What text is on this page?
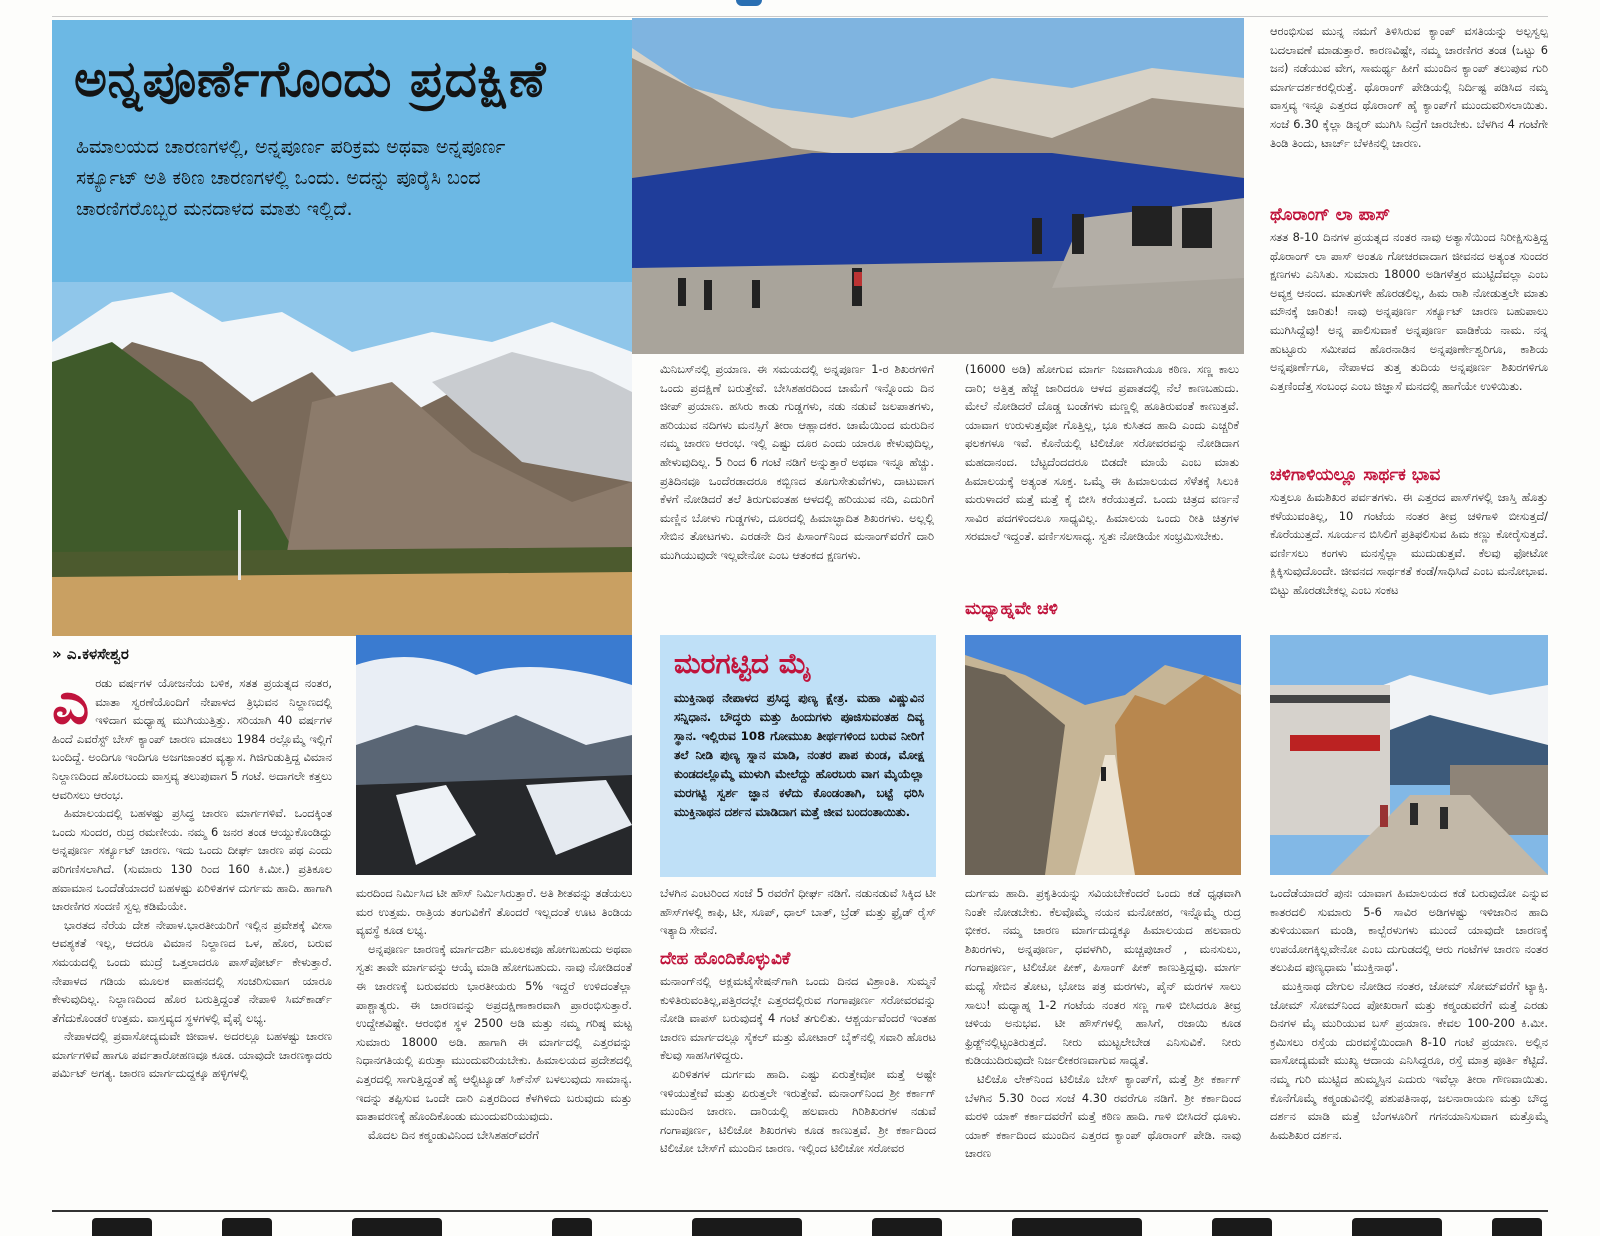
ಅನ್ನಪೂರ್ಣೆಗೊಂದು ಪ್ರದಕ್ಷಿಣೆ
ಹಿಮಾಲಯದ ಚಾರಣಗಳಲ್ಲಿ, ಅನ್ನಪೂರ್ಣ ಪರಿಕ್ರಮ ಅಥವಾ ಅನ್ನಪೂರ್ಣ ಸರ್ಕ್ಯೂಟ್ ಅತಿ ಕಠಿಣ ಚಾರಣಗಳಲ್ಲಿ ಒಂದು. ಅದನ್ನು ಪೂರೈಸಿ ಬಂದ ಚಾರಣಿಗರೊಬ್ಬರ ಮನದಾಳದ ಮಾತು ಇಲ್ಲಿದೆ.

ಮಿನಿಬಸ್‌ನಲ್ಲಿ ಪ್ರಯಾಣ. ಈ ಸಮಯದಲ್ಲಿ ಅನ್ನಪೂರ್ಣ 1-ರ ಶಿಖರಗಳಿಗೆ ಒಂದು ಪ್ರದಕ್ಷಿಣೆ ಬರುತ್ತೇವೆ. ಬೇಸಿಶಹರದಿಂದ ಚಾಮೆಗೆ ಇನ್ನೊಂದು ದಿನ ಜೀಪ್ ಪ್ರಯಾಣ. ಹಸಿರು ಕಾಡು ಗುಡ್ಡಗಳು, ನಡು ನಡುವೆ ಜಲಪಾತಗಳು, ಹರಿಯುವ ನದಿಗಳು ಮನಸ್ಸಿಗೆ ತೀರಾ ಆಹ್ಲಾದಕರ. ಚಾಮೆಯಿಂದ ಮರುದಿನ ನಮ್ಮ ಚಾರಣ ಆರಂಭ. ಇಲ್ಲಿ ಎಷ್ಟು ದೂರ ಎಂದು ಯಾರೂ ಕೇಳುವುದಿಲ್ಲ, ಹೇಳುವುದಿಲ್ಲ. 5 ರಿಂದ 6 ಗಂಟೆ ನಡಿಗೆ ಅನ್ನುತ್ತಾರೆ ಅಥವಾ ಇನ್ನೂ ಹೆಚ್ಚು. ಪ್ರತಿದಿನವೂ ಒಂದೆರಡಾದರೂ ಕಬ್ಬಿಣದ ತೂಗುಸೇತುವೆಗಳು, ದಾಟುವಾಗ ಕೆಳಗೆ ನೋಡಿದರೆ ತಲೆ ತಿರುಗುವಂತಹ ಆಳದಲ್ಲಿ ಹರಿಯುವ ನದಿ, ಎದುರಿಗೆ ಮಣ್ಣಿನ ಬೋಳು ಗುಡ್ಡಗಳು, ದೂರದಲ್ಲಿ ಹಿಮಾಚ್ಛಾದಿತ ಶಿಖರಗಳು. ಅಲ್ಲಲ್ಲಿ ಸೇಬಿನ ತೋಟಗಳು. ಎರಡನೇ ದಿನ ಪಿಸಾಂಗ್‌ನಿಂದ ಮನಾಂಗ್‌ವರೆಗೆ ದಾರಿ ಮುಗಿಯುವುದೇ ಇಲ್ಲವೇನೋ ಎಂಬ ಆತಂಕದ ಕ್ಷಣಗಳು.

(16000 ಅಡಿ) ಹೋಗುವ ಮಾರ್ಗ ನಿಜವಾಗಿಯೂ ಕಠಿಣ. ಸಣ್ಣ ಕಾಲು ದಾರಿ; ಅತ್ತಿತ್ತ ಹೆಜ್ಜೆ ಜಾರಿದರೂ ಆಳದ ಪ್ರಪಾತದಲ್ಲಿ ನೆಲೆ ಕಾಣಬಹುದು. ಮೇಲೆ ನೋಡಿದರೆ ದೊಡ್ಡ ಬಂಡೆಗಳು ಮಣ್ಣಲ್ಲಿ ಹೂತಿರುವಂತೆ ಕಾಣುತ್ತವೆ. ಯಾವಾಗ ಉರುಳುತ್ತವೋ ಗೊತ್ತಿಲ್ಲ, ಭೂ ಕುಸಿತದ ಹಾದಿ ಎಂದು ಎಚ್ಚರಿಕೆ ಫಲಕಗಳೂ ಇವೆ. ಕೊನೆಯಲ್ಲಿ ಟಿಲಿಚೋ ಸರೋವರವನ್ನು ನೋಡಿದಾಗ ಮಹದಾನಂದ. ಬೆಟ್ಟದೆಂದದರೂ ಬಿಡದೇ ಮಾಯೆ ಎಂಬ ಮಾತು ಹಿಮಾಲಯಕ್ಕೆ ಅತ್ಯಂತ ಸೂಕ್ತ. ಒಮ್ಮೆ ಈ ಹಿಮಾಲಯದ ಸೆಳೆತಕ್ಕೆ ಸಿಲುಕಿ ಮರುಳಾದರೆ ಮತ್ತೆ ಮತ್ತೆ ಕೈ ಬೀಸಿ ಕರೆಯುತ್ತದೆ. ಒಂದು ಚಿತ್ರದ ವರ್ಣನೆ ಸಾವಿರ ಪದಗಳಿಂದಲೂ ಸಾಧ್ಯವಿಲ್ಲ. ಹಿಮಾಲಯ ಒಂದು ರೀತಿ ಚಿತ್ರಗಳ ಸರಮಾಲೆ ಇದ್ದಂತೆ. ವರ್ಣಿಸಲಸಾಧ್ಯ. ಸ್ವತಃ ನೋಡಿಯೇ ಸಂಭ್ರಮಿಸಬೇಕು.

ಮಧ್ಯಾಹ್ನವೇ ಚಳಿ

ಆರಂಭಿಸುವ ಮುನ್ನ ನಮಗೆ ತಿಳಿಸಿರುವ ಕ್ಯಾಂಪ್ ವಸತಿಯನ್ನು ಅಲ್ಪಸ್ವಲ್ಪ ಬದಲಾವಣೆ ಮಾಡುತ್ತಾರೆ. ಕಾರಣವಿಷ್ಟೇ, ನಮ್ಮ ಚಾರಣಿಗರ ತಂಡ (ಒಟ್ಟು 6 ಜನ) ನಡೆಯುವ ವೇಗ, ಸಾಮರ್ಥ್ಯ ಹೀಗೆ ಮುಂದಿನ ಕ್ಯಾಂಪ್ ತಲುಪುವ ಗುರಿ ಮಾರ್ಗದರ್ಶಕರಲ್ಲಿರುತ್ತೆ. ಥೊರಾಂಗ್ ಪೇಡಿಯಲ್ಲಿ ನಿರ್ದಿಷ್ಟ ಪಡಿಸಿದ ನಮ್ಮ ವಾಸ್ತವ್ಯ ಇನ್ನೂ ಎತ್ತರದ ಥೊರಾಂಗ್ ಹೈ ಕ್ಯಾಂಪ್‌ಗೆ ಮುಂದುವರಿಸಲಾಯಿತು. ಸಂಜೆ 6.30 ಕ್ಕೆಲ್ಲಾ ಡಿನ್ನರ್ ಮುಗಿಸಿ ನಿದ್ರೆಗೆ ಜಾರಬೇಕು. ಬೆಳಗಿನ 4 ಗಂಟೆಗೇ ತಿಂಡಿ ತಿಂದು, ಟಾರ್ಚ್ ಬೆಳಕಿನಲ್ಲಿ ಚಾರಣ.

ಥೊರಾಂಗ್ ಲಾ ಪಾಸ್

ಸತತ 8-10 ದಿನಗಳ ಪ್ರಯತ್ನದ ನಂತರ ನಾವು ಅತ್ಯಾಸೆಯಿಂದ ನಿರೀಕ್ಷಿಸುತ್ತಿದ್ದ ಥೊರಾಂಗ್ ಲಾ ಪಾಸ್ ಅಂತೂ ಗೋಚರವಾದಾಗ ಜೀವನದ ಅತ್ಯಂತ ಸುಂದರ ಕ್ಷಣಗಳು ಎನಿಸಿತು. ಸುಮಾರು 18000 ಅಡಿಗಳೆತ್ತರ ಮುಟ್ಟಿದೆವಲ್ಲಾ ಎಂಬ ಅವ್ಯಕ್ತ ಆನಂದ. ಮಾತುಗಳೇ ಹೊರಡಲಿಲ್ಲ, ಹಿಮ ರಾಶಿ ನೋಡುತ್ತಲೇ ಮಾತು ಮೌನಕ್ಕೆ ಜಾರಿತು! ನಾವು ಅನ್ನಪೂರ್ಣ ಸರ್ಕ್ಯೂಟ್ ಚಾರಣ ಬಹುಪಾಲು ಮುಗಿಸಿದ್ದೆವು! ಅನ್ನ ಪಾಲಿಸುವಾಕೆ ಅನ್ನಪೂರ್ಣ ವಾಡಿಕೆಯ ನಾಮ. ನನ್ನ ಹುಟ್ಟೂರು ಸಮೀಪದ ಹೊರನಾಡಿನ ಅನ್ನಪೂರ್ಣೇಶ್ವರಿಗೂ, ಕಾಶಿಯ ಅನ್ನಪೂರ್ಣೆಗೂ, ನೇಪಾಳದ ತುತ್ತ ತುದಿಯ ಅನ್ನಪೂರ್ಣ ಶಿಖರಗಳಿಗೂ ಎತ್ತಣಿಂದೆತ್ತ ಸಂಬಂಧ ಎಂಬ ಜಿಜ್ಞಾಸೆ ಮನದಲ್ಲಿ ಹಾಗೆಯೇ ಉಳಿಯಿತು.

ಚಳಿಗಾಳಿಯಲ್ಲೂ ಸಾರ್ಥಕ ಭಾವ

ಸುತ್ತಲೂ ಹಿಮಶಿಖರ ಪರ್ವತಗಳು. ಈ ಎತ್ತರದ ಪಾಸ್‌ಗಳಲ್ಲಿ ಜಾಸ್ತಿ ಹೊತ್ತು ಕಳೆಯುವಂತಿಲ್ಲ, 10 ಗಂಟೆಯ ನಂತರ ತೀವ್ರ ಚಳಿಗಾಳಿ ಬೀಸುತ್ತದೆ/ಕೊರೆಯುತ್ತದೆ. ಸೂರ್ಯನ ಬಿಸಿಲಿಗೆ ಪ್ರತಿಫಲಿಸುವ ಹಿಮ ಕಣ್ಣು ಕೋರೈಸುತ್ತದೆ. ವರ್ಣಿಸಲು ಕಂಗಳು ಮನಸ್ಸೆಲ್ಲಾ ಮುದುಡುತ್ತವೆ. ಕೆಲವು ಫೋಟೋ ಕ್ಲಿಕ್ಕಿಸುವುದೊಂದೇ. ಜೀವನದ ಸಾರ್ಥಕತೆ ಕಂಡೆ/ಸಾಧಿಸಿದೆ ಎಂಬ ಮನೋಭಾವ. ಬಿಟ್ಟು ಹೊರಡಬೇಕಲ್ಲ ಎಂಬ ಸಂಕಟ

» ಎ.ಕಳಸೇಶ್ವರ

ಎರಡು ವರ್ಷಗಳ ಯೋಜನೆಯ ಬಳಿಕ, ಸತತ ಪ್ರಯತ್ನದ ನಂತರ, ಮಾತಾ ಸ್ವರಣೆಯೊಂದಿಗೆ ನೇಪಾಳದ ತ್ರಿಭುವನ ನಿಲ್ದಾಣದಲ್ಲಿ ಇಳಿದಾಗ ಮಧ್ಯಾಹ್ನ ಮುಗಿಯುತ್ತಿತ್ತು. ಸರಿಯಾಗಿ 40 ವರ್ಷಗಳ ಹಿಂದೆ ಎವರೆಸ್ಟ್ ಬೇಸ್ ಕ್ಯಾಂಪ್ ಚಾರಣ ಮಾಡಲು 1984 ರಲ್ಲೊಮ್ಮೆ ಇಲ್ಲಿಗೆ ಬಂದಿದ್ದೆ. ಅಂದಿಗೂ ಇಂದಿಗೂ ಅಜಗಜಾಂತರ ವ್ಯತ್ಯಾಸ. ಗಿಜಿಗುಡುತ್ತಿದ್ದ ವಿಮಾನ ನಿಲ್ದಾಣದಿಂದ ಹೊರಬಂದು ವಾಸ್ತವ್ಯ ತಲುಪುವಾಗ 5 ಗಂಟೆ. ಅದಾಗಲೇ ಕತ್ತಲು ಆವರಿಸಲು ಆರಂಭ.

ಹಿಮಾಲಯದಲ್ಲಿ ಬಹಳಷ್ಟು ಪ್ರಸಿದ್ಧ ಚಾರಣ ಮಾರ್ಗಗಳಿವೆ. ಒಂದಕ್ಕಿಂತ ಒಂದು ಸುಂದರ, ರುದ್ರ ರಮಣೀಯ. ನಮ್ಮ 6 ಜನರ ತಂಡ ಆಯ್ದುಕೊಂಡಿದ್ದು ಅನ್ನಪೂರ್ಣ ಸರ್ಕ್ಯೂಟ್ ಚಾರಣ. ಇದು ಒಂದು ದೀರ್ಘ ಚಾರಣ ಪಥ ಎಂದು ಪರಿಗಣಿಸಲಾಗಿದೆ. (ಸುಮಾರು 130 ರಿಂದ 160 ಕಿ.ಮೀ.) ಪ್ರತಿಕೂಲ ಹವಾಮಾನ ಒಂದೆಡೆಯಾದರೆ ಬಹಳಷ್ಟು ಏರಿಳಿತಗಳ ದುರ್ಗಮ ಹಾದಿ. ಹಾಗಾಗಿ ಚಾರಣಿಗರ ಸಂದಣಿ ಸ್ವಲ್ಪ ಕಡಿಮೆಯೇ.

ಭಾರತದ ನೆರೆಯ ದೇಶ ನೇಪಾಳ.ಭಾರತೀಯರಿಗೆ ಇಲ್ಲಿನ ಪ್ರವೇಶಕ್ಕೆ ವೀಸಾ ಆವಶ್ಯಕತೆ ಇಲ್ಲ, ಆದರೂ ವಿಮಾನ ನಿಲ್ದಾಣದ ಒಳ, ಹೊರ, ಬರುವ ಸಮಯದಲ್ಲಿ ಒಂದು ಮುದ್ರೆ ಒತ್ತಲಾದರೂ ಪಾಸ್‌ಪೋರ್ಟ್ ಕೇಳುತ್ತಾರೆ. ನೇಪಾಳದ ಗಡಿಯ ಮೂಲಕ ವಾಹನದಲ್ಲಿ ಸಂಚರಿಸುವಾಗ ಯಾರೂ ಕೇಳುವುದಿಲ್ಲ. ನಿಲ್ದಾಣದಿಂದ ಹೊರ ಬರುತ್ತಿದ್ದಂತೆ ನೇಪಾಳಿ ಸಿಮ್‌ಕಾರ್ಡ್ ತೆಗೆದುಕೊಂಡರೆ ಉತ್ತಮ. ವಾಸ್ತವ್ಯದ ಸ್ಥಳಗಳಲ್ಲಿ ವೈಫೈ ಲಭ್ಯ.

ನೇಪಾಳದಲ್ಲಿ ಪ್ರವಾಸೋದ್ಯಮವೇ ಜೀವಾಳ. ಅದರಲ್ಲೂ ಬಹಳಷ್ಟು ಚಾರಣ ಮಾರ್ಗಗಳಿವೆ ಹಾಗೂ ಪರ್ವತಾರೋಹಣವೂ ಕೂಡ. ಯಾವುದೇ ಚಾರಣಕ್ಕಾದರು ಪರ್ಮಿಟ್ ಅಗತ್ಯ. ಚಾರಣ ಮಾರ್ಗದುದ್ದಕ್ಕೂ ಹಳ್ಳಿಗಳಲ್ಲಿ

ಮರದಿಂದ ನಿರ್ಮಿಸಿದ ಟೀ ಹೌಸ್ ನಿರ್ಮಿಸಿರುತ್ತಾರೆ. ಅತಿ ಶೀತವನ್ನು ತಡೆಯಲು ಮರ ಉತ್ತಮ. ರಾತ್ರಿಯ ತಂಗುವಿಕೆಗೆ ತೊಂದರೆ ಇಲ್ಲದಂತೆ ಊಟ ತಿಂಡಿಯ ವ್ಯವಸ್ಥೆ ಕೂಡ ಲಭ್ಯ.

ಅನ್ನಪೂರ್ಣ ಚಾರಣಕ್ಕೆ ಮಾರ್ಗದರ್ಶಿ ಮೂಲಕವೂ ಹೋಗಬಹುದು ಅಥವಾ ಸ್ವತಃ ತಾವೇ ಮಾರ್ಗವನ್ನು ಆಯ್ಕೆ ಮಾಡಿ ಹೋಗಬಹುದು. ನಾವು ನೋಡಿದಂತೆ ಈ ಚಾರಣಕ್ಕೆ ಬರುವವರು ಭಾರತೀಯರು 5% ಇದ್ದರೆ ಉಳಿದಂತೆಲ್ಲಾ ಪಾಶ್ಚಾತ್ಯರು. ಈ ಚಾರಣವನ್ನು ಅಪ್ರದಕ್ಷಿಣಾಕಾರವಾಗಿ ಪ್ರಾರಂಭಿಸುತ್ತಾರೆ. ಉದ್ದೇಶವಿಷ್ಟೇ. ಆರಂಭಿಕ ಸ್ಥಳ 2500 ಅಡಿ ಮತ್ತು ನಮ್ಮ ಗರಿಷ್ಠ ಮಟ್ಟ ಸುಮಾರು 18000 ಅಡಿ. ಹಾಗಾಗಿ ಈ ಮಾರ್ಗದಲ್ಲಿ ಎತ್ತರವನ್ನು ನಿಧಾನಗತಿಯಲ್ಲಿ ಏರುತ್ತಾ ಮುಂದುವರಿಯಬೇಕು. ಹಿಮಾಲಯದ ಪ್ರದೇಶದಲ್ಲಿ ಎತ್ತರದಲ್ಲಿ ಸಾಗುತ್ತಿದ್ದಂತೆ ಹೈ ಆಲ್ಟಿಟ್ಯೂಡ್ ಸಿಕ್‌ನೆಸ್ ಬಳಲುವುದು ಸಾಮಾನ್ಯ. ಇದನ್ನು ತಪ್ಪಿಸುವ ಒಂದೇ ದಾರಿ ಎತ್ತರದಿಂದ ಕೆಳಗಿಳಿದು ಬರುವುದು ಮತ್ತು ವಾತಾವರಣಕ್ಕೆ ಹೊಂದಿಕೊಂಡು ಮುಂದುವರಿಯುವುದು.

ಮೊದಲ ದಿನ ಕಠ್ಮಂಡುವಿನಿಂದ ಬೇಸಿಶಹರ್‌ವರೆಗೆ

ಮರಗಟ್ಟಿದ ಮೈ
ಮುಕ್ತಿನಾಥ ನೇಪಾಳದ ಪ್ರಸಿದ್ಧ ಪುಣ್ಯ ಕ್ಷೇತ್ರ. ಮಹಾ ವಿಷ್ಣುವಿನ ಸನ್ನಿಧಾನ. ಬೌದ್ಧರು ಮತ್ತು ಹಿಂದುಗಳು ಪೂಜಿಸುವಂತಹ ದಿವ್ಯ ಸ್ಥಾನ. ಇಲ್ಲಿರುವ 108 ಗೋಮುಖ ತೀರ್ಥಗಳಿಂದ ಬರುವ ನೀರಿಗೆ ತಲೆ ನೀಡಿ ಪುಣ್ಯ ಸ್ನಾನ ಮಾಡಿ, ನಂತರ ಪಾಪ ಕುಂಡ, ಮೋಕ್ಷ ಕುಂಡದಲ್ಲೊಮ್ಮೆ ಮುಳುಗಿ ಮೇಲೆದ್ದು ಹೊರಬರು ವಾಗ ಮೈಯೆಲ್ಲಾ ಮರಗಟ್ಟಿ ಸ್ವರ್ಶ ಜ್ಞಾನ ಕಳೆದು ಕೊಂಡಂತಾಗಿ, ಬಟ್ಟೆ ಧರಿಸಿ ಮುಕ್ತಿನಾಥನ ದರ್ಶನ ಮಾಡಿದಾಗ ಮತ್ತೆ ಜೀವ ಬಂದಂತಾಯಿತು.

ಬೆಳಗಿನ ಎಂಟರಿಂದ ಸಂಜೆ 5 ರವರೆಗೆ ಧೀರ್ಘ ನಡಿಗೆ. ನಡುನಡುವೆ ಸಿಕ್ಕಿದ ಟೀ ಹೌಸ್‌ಗಳಲ್ಲಿ ಕಾಫಿ, ಟೀ, ಸೂಪ್, ಧಾಲ್ ಬಾತ್, ಬ್ರೆಡ್ ಮತ್ತು ಫ್ರೈಡ್ ರೈಸ್ ಇತ್ಯಾದಿ ಸೇವನೆ.

ದೇಹ ಹೊಂದಿಕೊಳ್ಳುವಿಕೆ

ಮನಾಂಗ್‌ನಲ್ಲಿ ಅಕ್ಲಮಟೈಸೇಷನ್‌ಗಾಗಿ ಒಂದು ದಿನದ ವಿಶ್ರಾಂತಿ. ಸುಮ್ಮನೆ ಕುಳಿತಿರುವಂತಿಲ್ಲ,ಪತ್ತಿರದಲ್ಲೇ ಎತ್ತರದಲ್ಲಿರುವ ಗಂಗಾಪೂರ್ಣ ಸರೋವರವನ್ನು ನೋಡಿ ವಾಪಸ್ ಬರುವುದಕ್ಕೆ 4 ಗಂಟೆ ತಗುಲಿತು. ಆಶ್ಚರ್ಯವೆಂದರೆ ಇಂತಹ ಚಾರಣ ಮಾರ್ಗದಲ್ಲೂ ಸೈಕಲ್ ಮತ್ತು ಮೋಟಾರ್ ಬೈಕ್‌ನಲ್ಲಿ ಸವಾರಿ ಹೊರಟ ಕೆಲವು ಸಾಹಸಿಗಳಿದ್ದರು.

ಏರಿಳಿತಗಳ ದುರ್ಗಮ ಹಾದಿ. ಎಷ್ಟು ಏರುತ್ತೇವೋ ಮತ್ತೆ ಅಷ್ಟೇ ಇಳಿಯುತ್ತೇವೆ ಮತ್ತು ಏರುತ್ತಲೇ ಇರುತ್ತೇವೆ. ಮನಾಂಗ್‌ನಿಂದ ಶ್ರೀ ಕರ್ಕಾಗ್ ಮುಂದಿನ ಚಾರಣ. ದಾರಿಯಲ್ಲಿ ಹಲವಾರು ಗಿರಿಶಿಖರಗಳ ನಡುವೆ ಗಂಗಾಪೂರ್ಣ, ಟಿಲಿಚೋ ಶಿಖರಗಳು ಕೂಡ ಕಾಣುತ್ತವೆ. ಶ್ರೀ ಕರ್ಕಾದಿಂದ ಟಿಲಿಚೋ ಬೇಸ್‌ಗೆ ಮುಂದಿನ ಚಾರಣ. ಇಲ್ಲಿಂದ ಟಿಲಿಚೋ ಸರೋವರ

ದುರ್ಗಮ ಹಾದಿ. ಪ್ರಕೃತಿಯನ್ನು ಸವಿಯಬೇಕೆಂದರೆ ಒಂದು ಕಡೆ ಧೃಢವಾಗಿ ನಿಂತೇ ನೋಡಬೇಕು. ಕೆಲವೊಮ್ಮೆ ನಯನ ಮನೋಹರ, ಇನ್ನೊಮ್ಮೆ ರುದ್ರ ಭೀಕರ. ನಮ್ಮ ಚಾರಣ ಮಾರ್ಗದುದ್ದಕ್ಕೂ ಹಿಮಾಲಯದ ಹಲವಾರು ಶಿಖರಗಳು, ಅನ್ನಪೂರ್ಣ, ಧವಳಗಿರಿ, ಮಚ್ಚಪುಚಾರೆ , ಮನಸುಲು, ಗಂಗಾಪೂರ್ಣ, ಟಿಲಿಚೋ ಪೀಕ್, ಪಿಸಾಂಗ್ ಪೀಕ್ ಕಾಣುತ್ತಿದ್ದವು. ಮಾರ್ಗ ಮಧ್ಯೆ ಸೇಬಿನ ತೋಟ, ಭೋಜ ಪತ್ರ ಮರಗಳು, ಪೈನ್ ಮರಗಳ ಸಾಲು ಸಾಲು! ಮಧ್ಯಾಹ್ನ 1-2 ಗಂಟೆಯ ನಂತರ ಸಣ್ಣ ಗಾಳಿ ಬೀಸಿದರೂ ತೀವ್ರ ಚಳಿಯ ಅನುಭವ. ಟೀ ಹೌಸ್‌ಗಳಲ್ಲಿ ಹಾಸಿಗೆ, ರಜಾಯಿ ಕೂಡ ಫ್ರಿಡ್ಜ್‌ನಲ್ಲಿಟ್ಟಂತಿರುತ್ತದೆ. ನೀರು ಮುಟ್ಟಲೇಬೇಡ ಎನಿಸುವಿಕೆ. ನೀರು ಕುಡಿಯುದಿರುವುದೇ ನಿರ್ಜಲೀಕರಣವಾಗುವ ಸಾಧ್ಯತೆ.

ಟಿಲಿಚೊ ಲೇಕ್‌ನಿಂದ ಟಿಲಿಚೊ ಬೇಸ್ ಕ್ಯಾಂಪ್‌ಗೆ, ಮತ್ತೆ ಶ್ರೀ ಕರ್ಕಾಗ್ ಬೆಳಗಿನ 5.30 ರಿಂದ ಸಂಜೆ 4.30 ರವರೆಗೂ ನಡಿಗೆ. ಶ್ರೀ ಕರ್ಕಾದಿಂದ ಮರಳಿ ಯಾಕ್ ಕರ್ಕಾದವರೆಗೆ ಮತ್ತೆ ಕಠಿಣ ಹಾದಿ. ಗಾಳಿ ಬೀಸಿದರೆ ಧೂಳು. ಯಾಕ್ ಕರ್ಕಾದಿಂದ ಮುಂದಿನ ಎತ್ತರದ ಕ್ಯಾಂಪ್ ಥೊರಾಂಗ್ ಪೇಡಿ. ನಾವು ಚಾರಣ

ಒಂದೆಡೆಯಾದರೆ ಪುನಃ ಯಾವಾಗ ಹಿಮಾಲಯದ ಕಡೆ ಬರುವುದೋ ಎನ್ನುವ ಕಾತರದಲಿ ಸುಮಾರು 5-6 ಸಾವಿರ ಅಡಿಗಳಷ್ಟು ಇಳಿಜಾರಿನ ಹಾದಿ ತುಳಿಯುವಾಗ ಮಂಡಿ, ಕಾಲ್ಬೆರಳುಗಳು ಮುಂದೆ ಯಾವುದೇ ಚಾರಣಕ್ಕೆ ಉಪಯೋಗಕ್ಕಿಲ್ಲವೇನೋ ಎಂಬ ದುಗುಡದಲ್ಲಿ ಆರು ಗಂಟೆಗಳ ಚಾರಣ ನಂತರ ತಲುಪಿದ ಪುಣ್ಯಧಾಮ 'ಮುಕ್ತಿನಾಥ'.

ಮುಕ್ತಿನಾಥ ದೇಗುಲ ನೋಡಿದ ನಂತರ, ಜೋಮ್ ಸೋಮ್‌ವರೆಗೆ ಟ್ಯಾಕ್ಸಿ. ಜೋಮ್ ಸೋಮ್‌ನಿಂದ ಪೋಖರಾಗೆ ಮತ್ತು ಕಠ್ಮಂಡುವರೆಗೆ ಮತ್ತೆ ಎರಡು ದಿನಗಳ ಮೈ ಮುರಿಯುವ ಬಸ್ ಪ್ರಯಾಣ. ಕೇವಲ 100-200 ಕಿ.ಮೀ. ಕ್ರಮಿಸಲು ರಸ್ತೆಯ ದುರವಸ್ಥೆಯಿಂದಾಗಿ 8-10 ಗಂಟೆ ಪ್ರಯಾಣ. ಅಲ್ಲಿನ ವಾಸೋದ್ಯಮವೇ ಮುಖ್ಯ ಆದಾಯ ಎನಿಸಿದ್ದರೂ, ರಸ್ತೆ ಮಾತ್ರ ಪೂರ್ತಿ ಕೆಟ್ಟಿದೆ. ನಮ್ಮ ಗುರಿ ಮುಟ್ಟಿದ ಹುಮ್ಮಸ್ಸಿನ ಎದುರು ಇವೆಲ್ಲಾ ತೀರಾ ಗೌಣವಾಯಿತು. ಕೊನೆಗೊಮ್ಮೆ ಕಠ್ಮಂಡುವಿನಲ್ಲಿ ಪಶುಪತಿನಾಥ, ಜಲನಾರಾಯಣ ಮತ್ತು ಬೌದ್ಧ ದರ್ಶನ ಮಾಡಿ ಮತ್ತೆ ಬೆಂಗಳೂರಿಗೆ ಗಗನಯಾನಿಸುವಾಗ ಮತ್ತೊಮ್ಮೆ ಹಿಮಶಿಖರ ದರ್ಶನ.
